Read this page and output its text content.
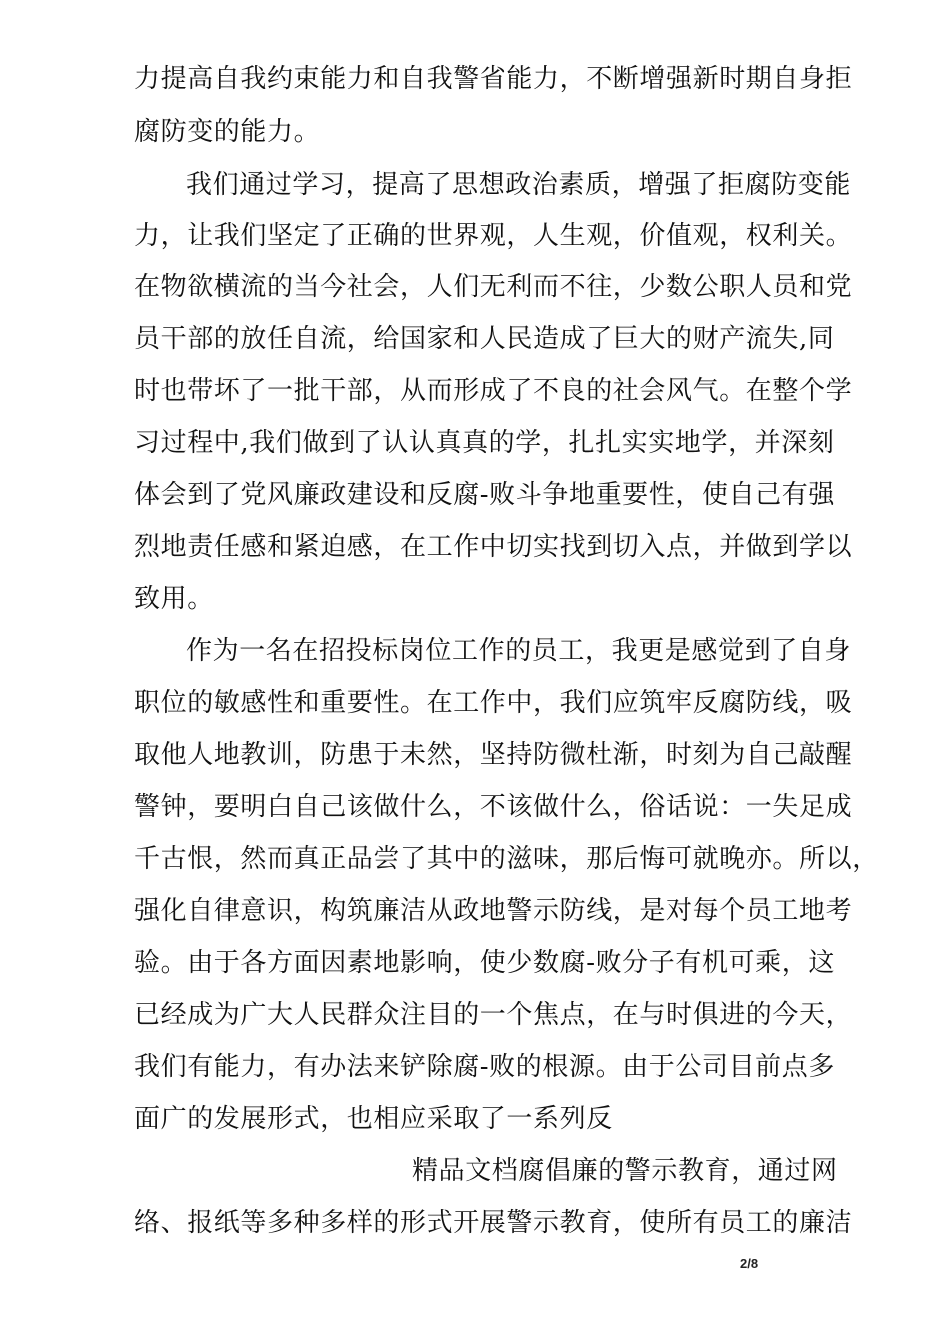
力提高自我约束能力和自我警省能力，不断增强新时期自身拒
腐防变的能力。
我们通过学习，提高了思想政治素质，增强了拒腐防变能
力，让我们坚定了正确的世界观，人生观，价值观，权利关。
在物欲横流的当今社会，人们无利而不往，少数公职人员和党
员干部的放任自流，给国家和人民造成了巨大的财产流失,同
时也带坏了一批干部，从而形成了不良的社会风气。在整个学
习过程中,我们做到了认认真真的学，扎扎实实地学，并深刻
体会到了党风廉政建设和反腐-败斗争地重要性，使自己有强
烈地责任感和紧迫感，在工作中切实找到切入点，并做到学以
致用。
作为一名在招投标岗位工作的员工，我更是感觉到了自身
职位的敏感性和重要性。在工作中，我们应筑牢反腐防线，吸
取他人地教训，防患于未然，坚持防微杜渐，时刻为自己敲醒
警钟，要明白自己该做什么，不该做什么，俗话说：一失足成
千古恨，然而真正品尝了其中的滋味，那后悔可就晚亦。所以，
强化自律意识，构筑廉洁从政地警示防线，是对每个员工地考
验。由于各方面因素地影响，使少数腐-败分子有机可乘，这
已经成为广大人民群众注目的一个焦点，在与时俱进的今天，
我们有能力，有办法来铲除腐-败的根源。由于公司目前点多
面广的发展形式，也相应采取了一系列反
精品文档腐倡廉的警示教育，通过网
络、报纸等多种多样的形式开展警示教育，使所有员工的廉洁
2/8
